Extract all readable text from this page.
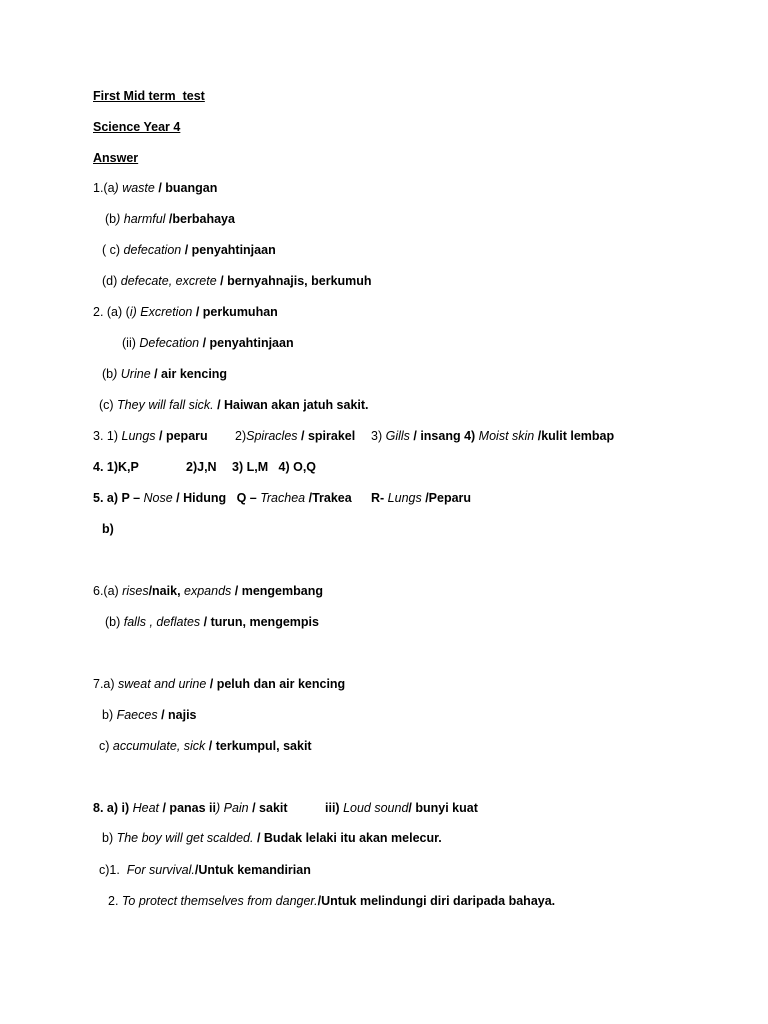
First Mid term  test
Science Year 4
Answer
1.(a) waste / buangan
(b) harmful /berbahaya
( c) defecation / penyahtinjaan
(d) defecate, excrete / bernyahnajis, berkumuh
2. (a) (i) Excretion / perkumuhan
(ii) Defecation / penyahtinjaan
(b) Urine / air kencing
(c) They will fall sick. / Haiwan akan jatuh sakit.
3. 1) Lungs / peparu 2)Spiracles / spirakel 3) Gills / insang 4) Moist skin /kulit lembap
4. 1)K,P	2)J,N 3) L,M   4) O,Q
5. a) P – Nose / Hidung   Q – Trachea /Trakea R- Lungs /Peparu
b)
6.(a) rises/naik, expands / mengembang
(b) falls , deflates / turun, mengempis
7.a) sweat and urine / peluh dan air kencing
b) Faeces / najis
c) accumulate, sick / terkumpul, sakit
8. a) i) Heat / panas ii) Pain / sakit	iii) Loud sound/ bunyi kuat
b) The boy will get scalded. / Budak lelaki itu akan melecur.
c)1.  For survival./Untuk kemandirian
2. To protect themselves from danger./Untuk melindungi diri daripada bahaya.
